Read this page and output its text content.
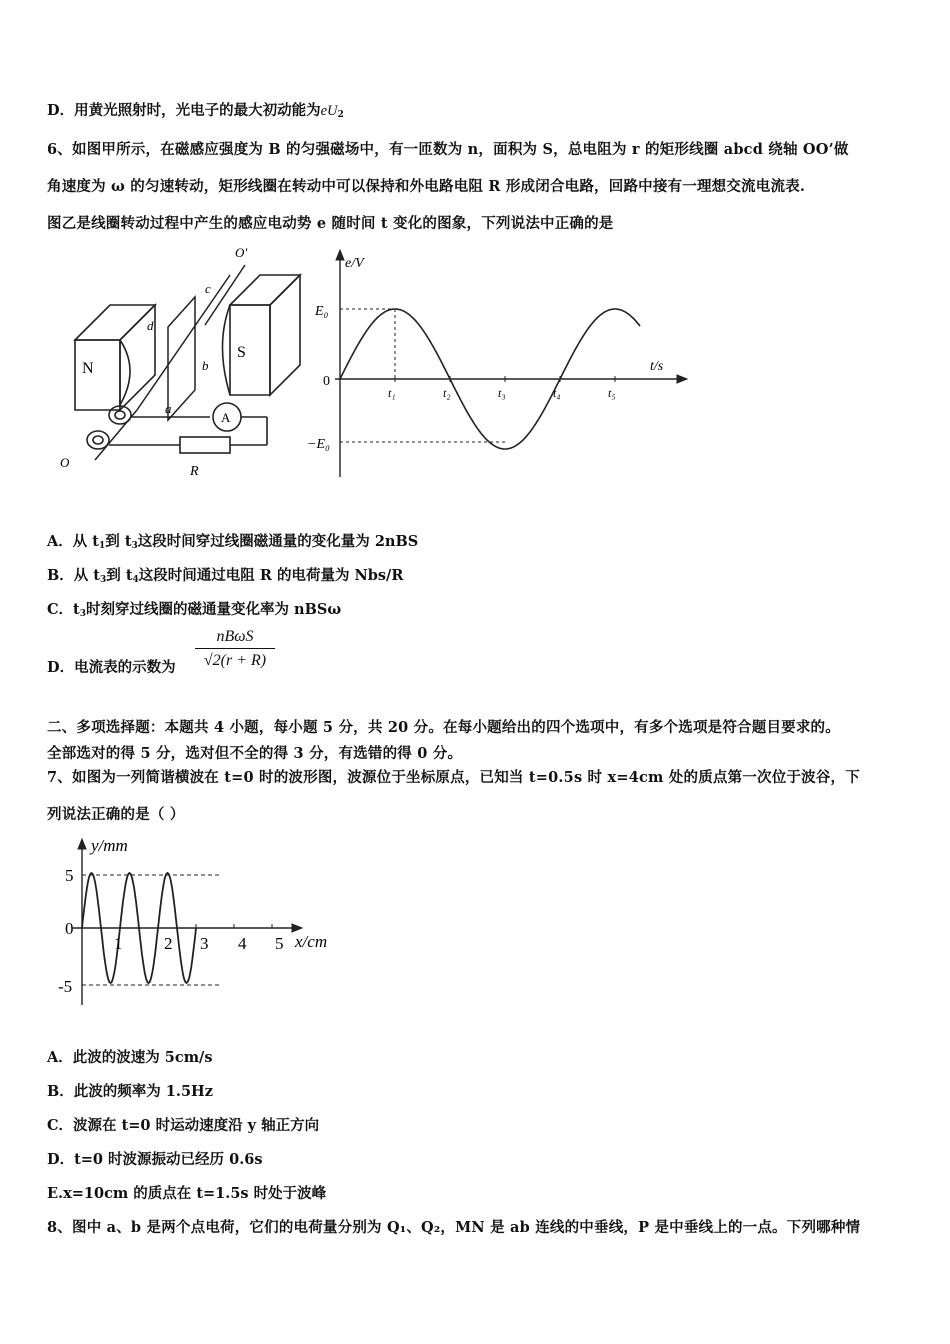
D．用黄光照射时，光电子的最大初动能为$eU_2$
6、如图甲所示，在磁感应强度为 B 的匀强磁场中，有一匝数为 n，面积为 S，总电阻为 r 的矩形线圈 abcd 绕轴 OO’做
角速度为 ω 的匀速转动，矩形线圈在转动中可以保持和外电路电阻 R 形成闭合电路，回路中接有一理想交流电流表.
图乙是线圈转动过程中产生的感应电动势 e 随时间 t 变化的图象，下列说法中正确的是
N
S
c
d
b
a
O'
O
A
R
e/V
t/s
0
E₀
−E₀
t₁	t₂	t₃	t₄	t₅
A．从 $t_1$到 $t_3$这段时间穿过线圈磁通量的变化量为 2nBS
B．从 $t_3$到 $t_4$这段时间通过电阻 R 的电荷量为 Nbs/R
C．$t_3$时刻穿过线圈的磁通量变化率为 nBSω
D．电流表的示数为
nBωS
√2(r + R)
二、多项选择题：本题共 4 小题，每小题 5 分，共 20 分。在每小题给出的四个选项中，有多个选项是符合题目要求的。
全部选对的得 5 分，选对但不全的得 3 分，有选错的得 0 分。
7、如图为一列简谐横波在 t=0 时的波形图，波源位于坐标原点，已知当 t=0.5s 时 x=4cm 处的质点第一次位于波谷，下
列说法正确的是（ ）
y/mm
x/cm
5
0
-5
1 2 3 4 5
A．此波的波速为 5cm/s
B．此波的频率为 1.5Hz
C．波源在 t=0 时运动速度沿 y 轴正方向
D．t=0 时波源振动已经历 0.6s
E.x=10cm 的质点在 t=1.5s 时处于波峰
8、图中 a、b 是两个点电荷，它们的电荷量分别为 Q₁、Q₂，MN 是 ab 连线的中垂线，P 是中垂线上的一点。下列哪种情
